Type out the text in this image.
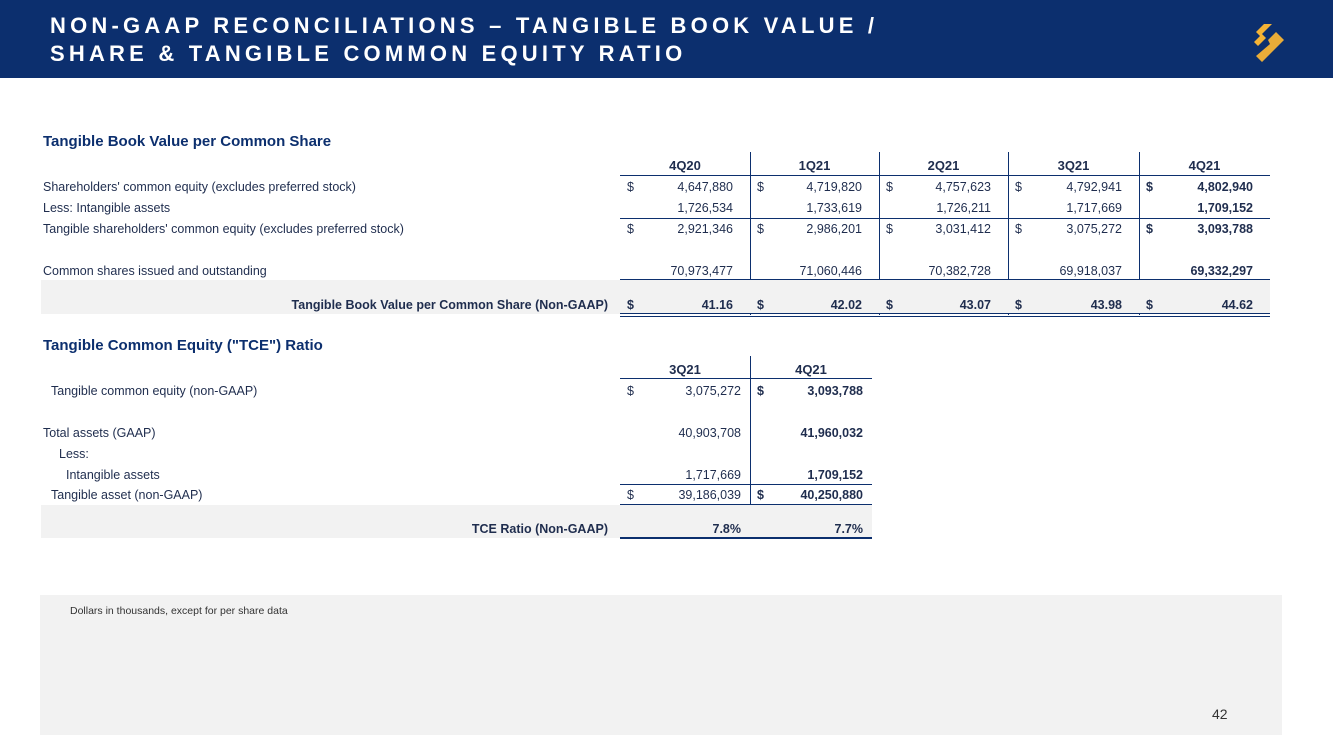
NON-GAAP RECONCILIATIONS – TANGIBLE BOOK VALUE /
SHARE & TANGIBLE COMMON EQUITY RATIO
Tangible Book Value per Common Share
4Q20	1Q21	2Q21	3Q21	4Q21
Shareholders' common equity (excludes preferred stock)	$	4,647,880 $	4,719,820 $	4,757,623 $	4,792,941 $	4,802,940
Less: Intangible assets	1,726,534	1,733,619	1,726,211	1,717,669	1,709,152
Tangible shareholders' common equity (excludes preferred stock)	$	2,921,346 $	2,986,201 $	3,031,412 $	3,075,272 $	3,093,788
Common shares issued and outstanding	70,973,477	71,060,446	70,382,728	69,918,037	69,332,297
Tangible Book Value per Common Share (Non-GAAP) $	41.16 $	42.02 $	43.07 $	43.98 $	44.62
Tangible Common Equity ("TCE") Ratio
3Q21	4Q21
Tangible common equity (non-GAAP)	$	3,075,272 $	3,093,788
Total assets (GAAP)	40,903,708	41,960,032
Less:
Intangible assets	1,717,669	1,709,152
Tangible asset (non-GAAP)	$	39,186,039 $	40,250,880
TCE Ratio (Non-GAAP)	7.8%	7.7%
Dollars in thousands, except for per share data
42
